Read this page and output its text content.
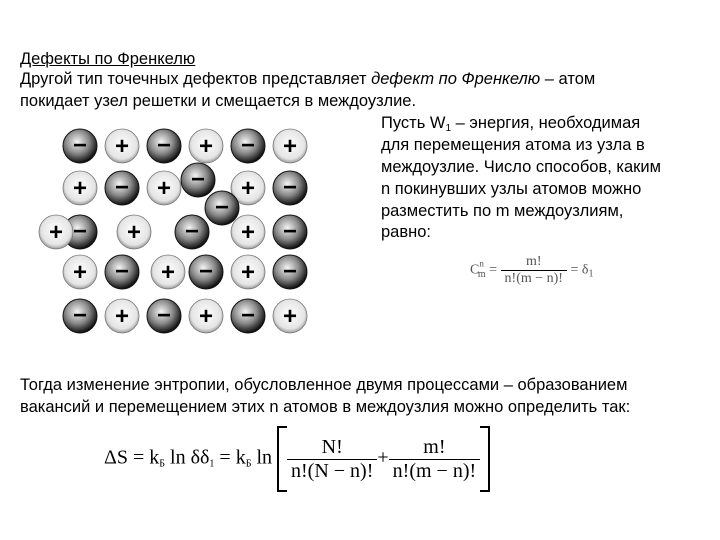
Дефекты по Френкелю
Другой тип точечных дефектов представляет дефект по Френкелю – атом
покидает узел решетки и смещается в междоузлие.
Пусть $W_1$ – энергия, необходимая
для перемещения атома из узла в
междоузлие. Число способов, каким
n покинувших узлы атомов можно
разместить по m междоузлиям,
равно:
− + − + − +
+ − +	+ −
− + − + −
+
+ − + − + −
− + − + − +
−
−
$C^n_m = \frac{m!}{n!(m - n)!} = \delta_1$
Тогда изменение энтропии, обусловленное двумя процессами – образованием
вакансий и перемещением этих n атомов в междоузлия можно определить так:
$\Delta S = k_Б$ $\ln \delta\delta_1 = k_Б$ $\ln \frac{N!}{n!(N - n)!} + \frac{m!}{n!(m - n)!}$
